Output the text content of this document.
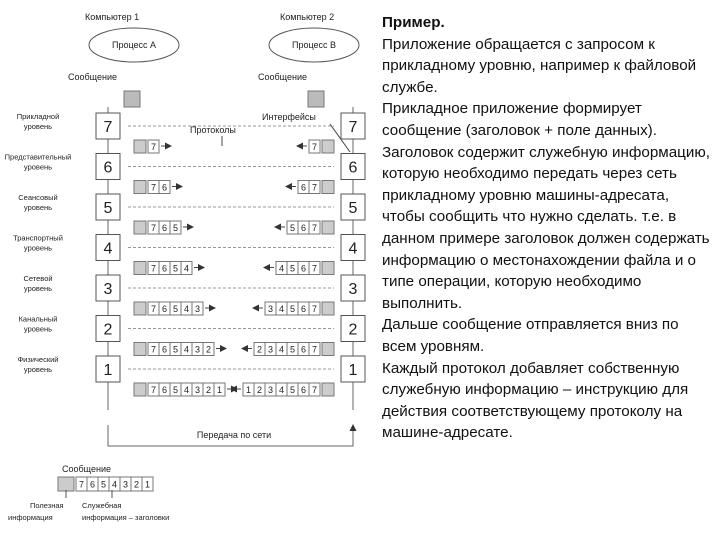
Компьютер 1	Компьютер 2
Процесс А	Процесс В
Сообщение	Сообщение
Протоколы
Интерфейсы
Прикладной
уровень	7	7
7	7
Представительный
уровень	6	6
7 6	6 7
Сеансовый
уровень	5	5
7 6 5	5 6 7
Транспортный
уровень	4	4
7 6 5 4	4 5 6 7
Сетевой
уровень	3	3
7 6 5 4 3	3 4 5 6 7
Канальный
уровень	2	2
7 6 5 4 3 2	2 3 4 5 6 7
Физический
уровень	1	1
7 6 5 4 3 2 1	1 2 3 4 5 6 7
Передача по сети
Сообщение
7 6 5 4 3 2 1
Полезная
информация
Служебная
информация – заголовки

Пример.

Приложение обращается с запросом к прикладному уровню, например к файловой службе.

Прикладное приложение формирует сообщение (заголовок + поле данных). Заголовок содержит служебную информацию, которую необходимо передать через сеть прикладному уровню машины-адресата, чтобы сообщить что нужно сделать. т.е. в данном примере заголовок должен содержать информацию о местонахождении файла и о типе операции, которую необходимо выполнить.

Дальше сообщение отправляется вниз по всем уровням.

Каждый протокол добавляет собственную служебную информацию – инструкцию для действия соответствующему протоколу на машине-адресате.
